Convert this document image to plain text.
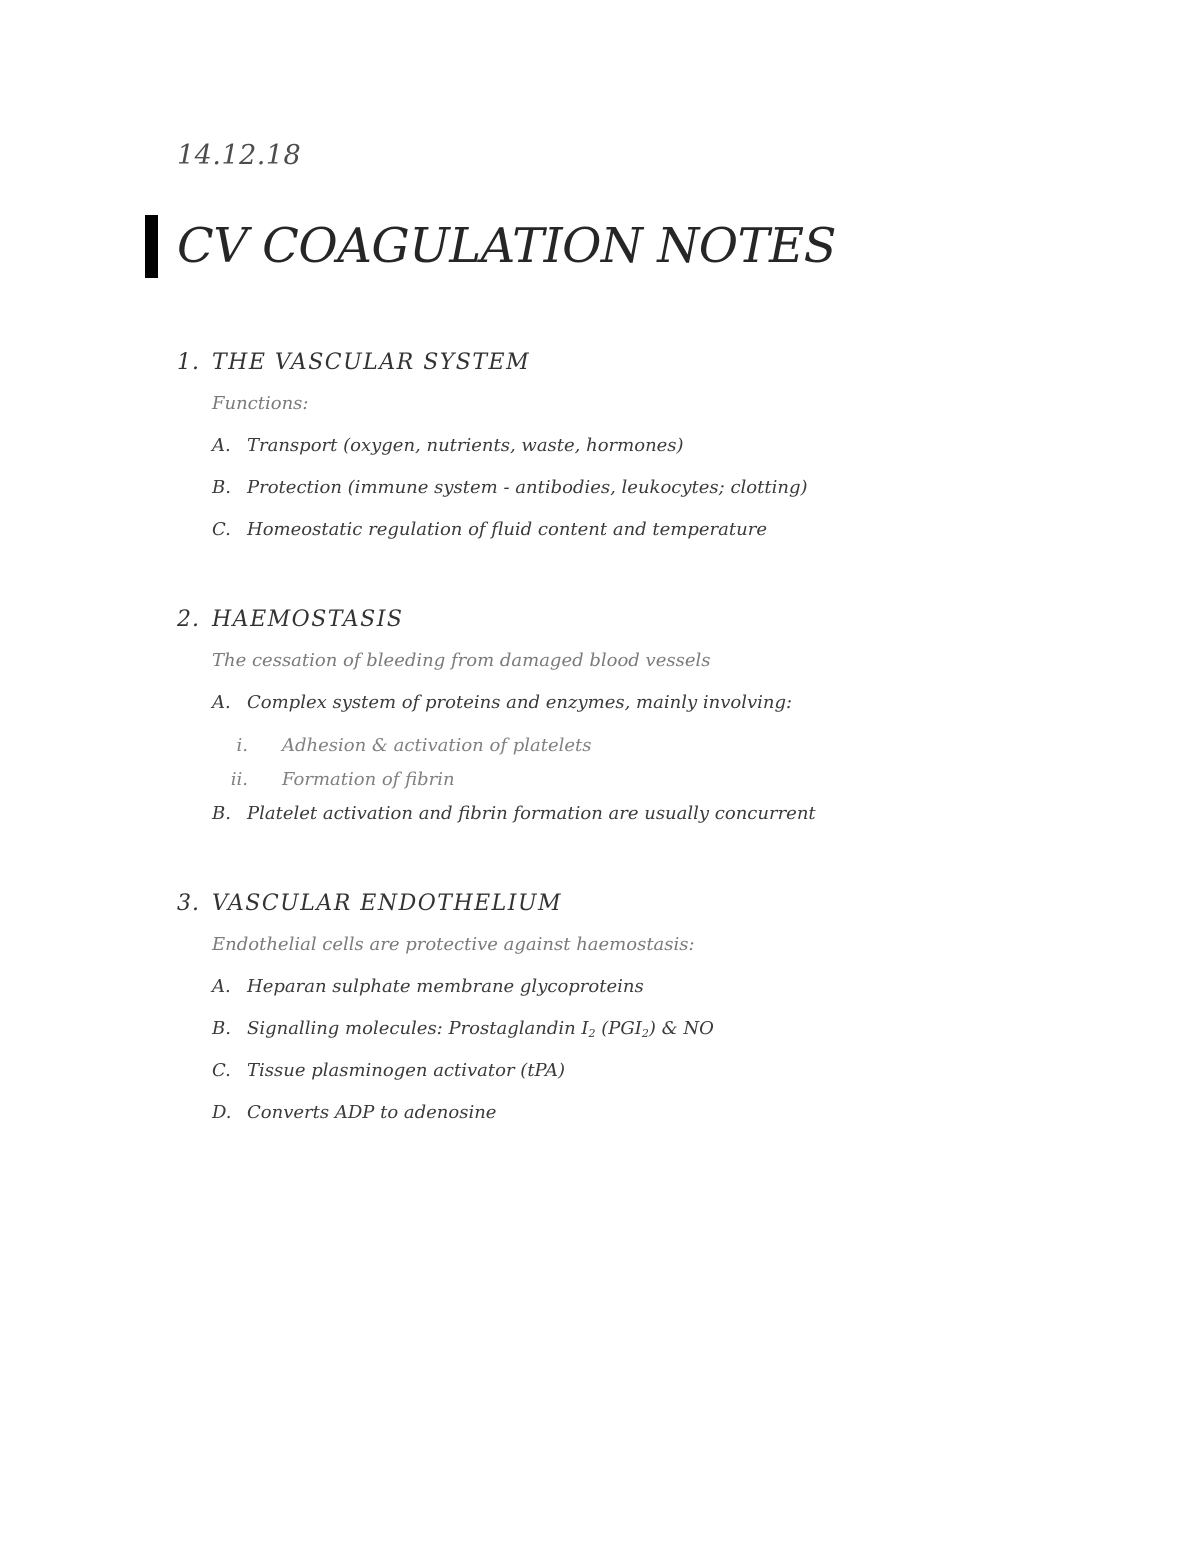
14.12.18
CV COAGULATION NOTES
1. THE VASCULAR SYSTEM
Functions:
A. Transport (oxygen, nutrients, waste, hormones)
B. Protection (immune system - antibodies, leukocytes; clotting)
C. Homeostatic regulation of fluid content and temperature
2. HAEMOSTASIS
The cessation of bleeding from damaged blood vessels
A. Complex system of proteins and enzymes, mainly involving:
i. Adhesion & activation of platelets
ii. Formation of fibrin
B. Platelet activation and fibrin formation are usually concurrent
3. VASCULAR ENDOTHELIUM
Endothelial cells are protective against haemostasis:
A. Heparan sulphate membrane glycoproteins
B. Signalling molecules: Prostaglandin $I_2$ $(PGI_2)$ & NO
C. Tissue plasminogen activator (tPA)
D. Converts ADP to adenosine
